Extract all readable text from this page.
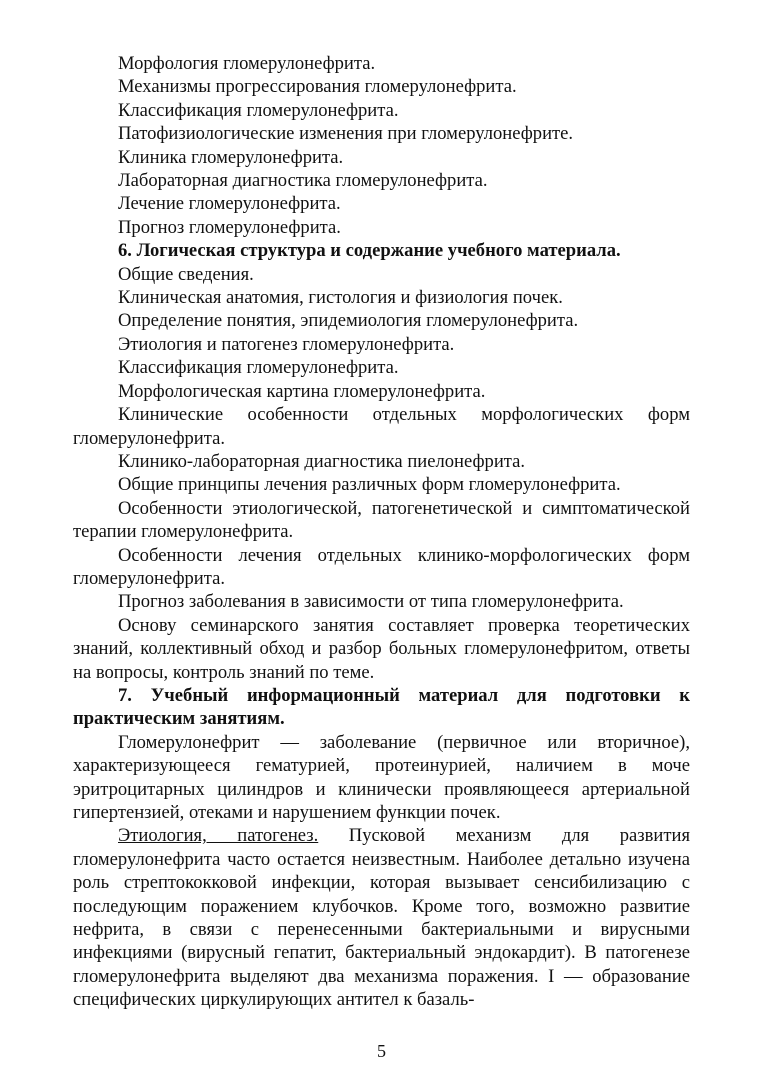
Морфология гломерулонефрита.

Механизмы прогрессирования гломерулонефрита.

Классификация гломерулонефрита.

Патофизиологические изменения при гломерулонефрите.

Клиника гломерулонефрита.

Лабораторная диагностика гломерулонефрита.

Лечение гломерулонефрита.

Прогноз гломерулонефрита.

6. Логическая структура и содержание учебного материала.

Общие сведения.

Клиническая анатомия, гистология и физиология почек.

Определение понятия, эпидемиология гломерулонефрита.

Этиология и патогенез гломерулонефрита.

Классификация гломерулонефрита.

Морфологическая картина гломерулонефрита.

Клинические особенности отдельных морфологических форм гломерулонефрита.

Клинико-лабораторная диагностика пиелонефрита.

Общие принципы лечения различных форм гломерулонефрита.

Особенности этиологической, патогенетической и симптоматической терапии гломерулонефрита.

Особенности лечения отдельных клинико-морфологических форм гломерулонефрита.

Прогноз заболевания в зависимости от типа гломерулонефрита.

Основу семинарского занятия составляет проверка теоретических знаний, коллективный обход и разбор больных гломерулонефритом, ответы на вопросы, контроль знаний по теме.

7. Учебный информационный материал для подготовки к практическим занятиям.

Гломерулонефрит — заболевание (первичное или вторичное), характеризующееся гематурией, протеинурией, наличием в моче эритроцитарных цилиндров и клинически проявляющееся артериальной гипертензией, отеками и нарушением функции почек.

Этиология, патогенез. Пусковой механизм для развития гломерулонефрита часто остается неизвестным. Наиболее детально изучена роль стрептококковой инфекции, которая вызывает сенсибилизацию с последующим поражением клубочков. Кроме того, возможно развитие нефрита, в связи с перенесенными бактериальными и вирусными инфекциями (вирусный гепатит, бактериальный эндокардит). В патогенезе гломерулонефрита выделяют два механизма поражения. I — образование специфических циркулирующих антител к базаль-

5
